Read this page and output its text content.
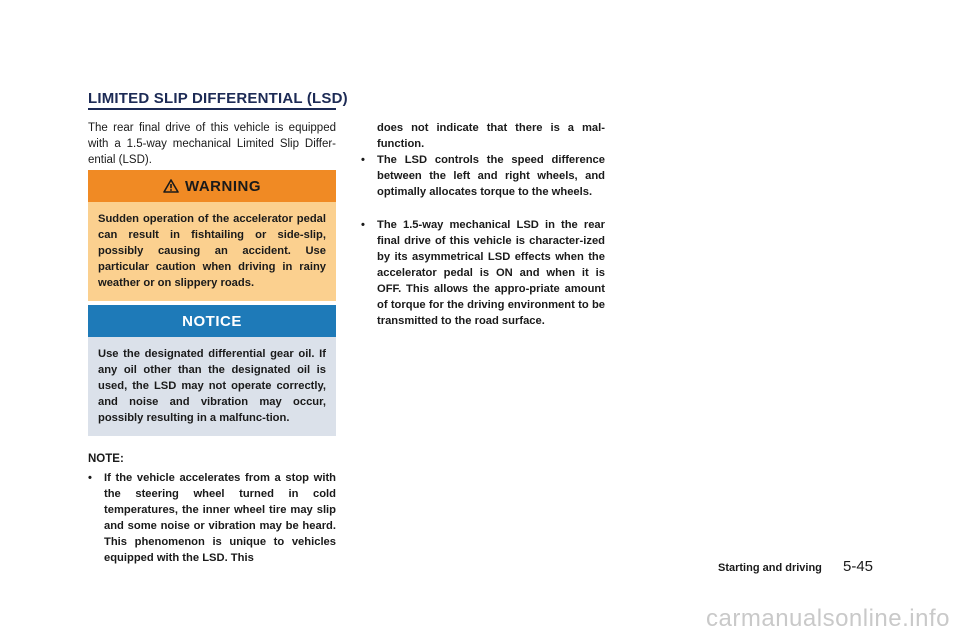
LIMITED SLIP DIFFERENTIAL (LSD)

The rear final drive of this vehicle is equipped with a 1.5-way mechanical Limited Slip Differ-ential (LSD).

WARNING
Sudden operation of the accelerator pedal can result in fishtailing or side-slip, possibly causing an accident. Use particular caution when driving in rainy weather or on slippery roads.
NOTICE
Use the designated differential gear oil. If any oil other than the designated oil is used, the LSD may not operate correctly, and noise and vibration may occur, possibly resulting in a malfunc-tion.
NOTE:
• If the vehicle accelerates from a stop with the steering wheel turned in cold temperatures, the inner wheel tire may slip and some noise or vibration may be heard. This phenomenon is unique to vehicles equipped with the LSD. This

does not indicate that there is a mal-function.

• The LSD controls the speed difference between the left and right wheels, and optimally allocates torque to the wheels.
• The 1.5-way mechanical LSD in the rear final drive of this vehicle is character-ized by its asymmetrical LSD effects when the accelerator pedal is ON and when it is OFF. This allows the appro-priate amount of torque for the driving environment to be transmitted to the road surface.
Starting and driving 5-45
carmanualsonline.info
